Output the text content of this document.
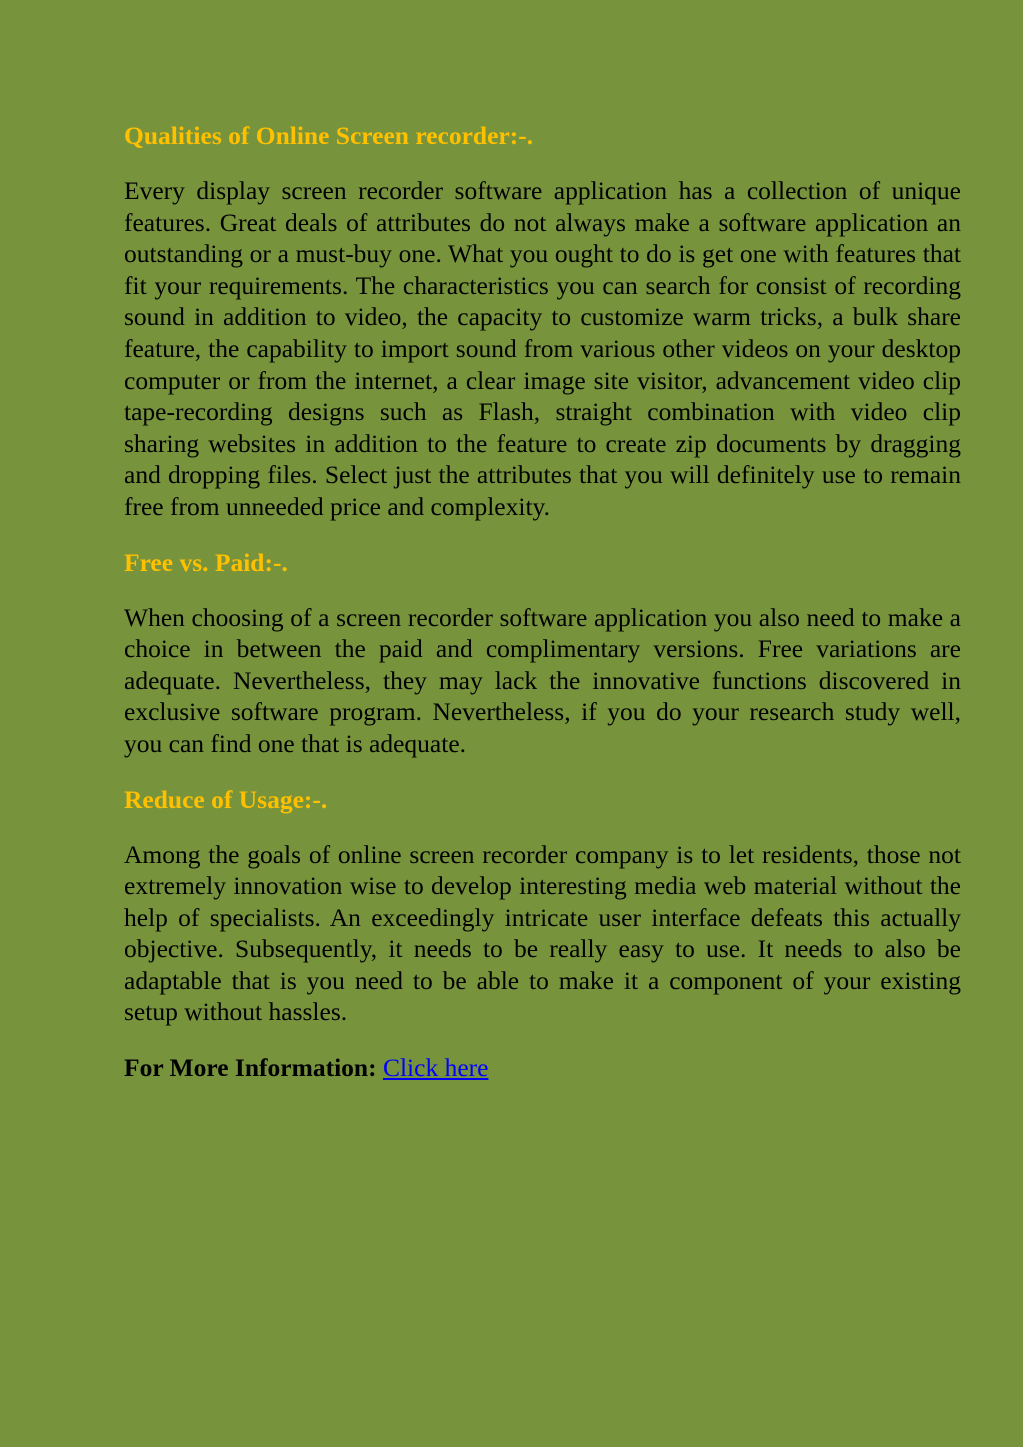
Qualities of Online Screen recorder:-.

Every display screen recorder software application has a collection of unique features. Great deals of attributes do not always make a software application an outstanding or a must-buy one. What you ought to do is get one with features that fit your requirements. The characteristics you can search for consist of recording sound in addition to video, the capacity to customize warm tricks, a bulk share feature, the capability to import sound from various other videos on your desktop computer or from the internet, a clear image site visitor, advancement video clip tape-recording designs such as Flash, straight combination with video clip sharing websites in addition to the feature to create zip documents by dragging and dropping files. Select just the attributes that you will definitely use to remain free from unneeded price and complexity.

Free vs. Paid:-.

When choosing of a screen recorder software application you also need to make a choice in between the paid and complimentary versions. Free variations are adequate. Nevertheless, they may lack the innovative functions discovered in exclusive software program. Nevertheless, if you do your research study well, you can find one that is adequate.

Reduce of Usage:-.

Among the goals of online screen recorder company is to let residents, those not extremely innovation wise to develop interesting media web material without the help of specialists. An exceedingly intricate user interface defeats this actually objective. Subsequently, it needs to be really easy to use. It needs to also be adaptable that is you need to be able to make it a component of your existing setup without hassles.

For More Information: Click here
